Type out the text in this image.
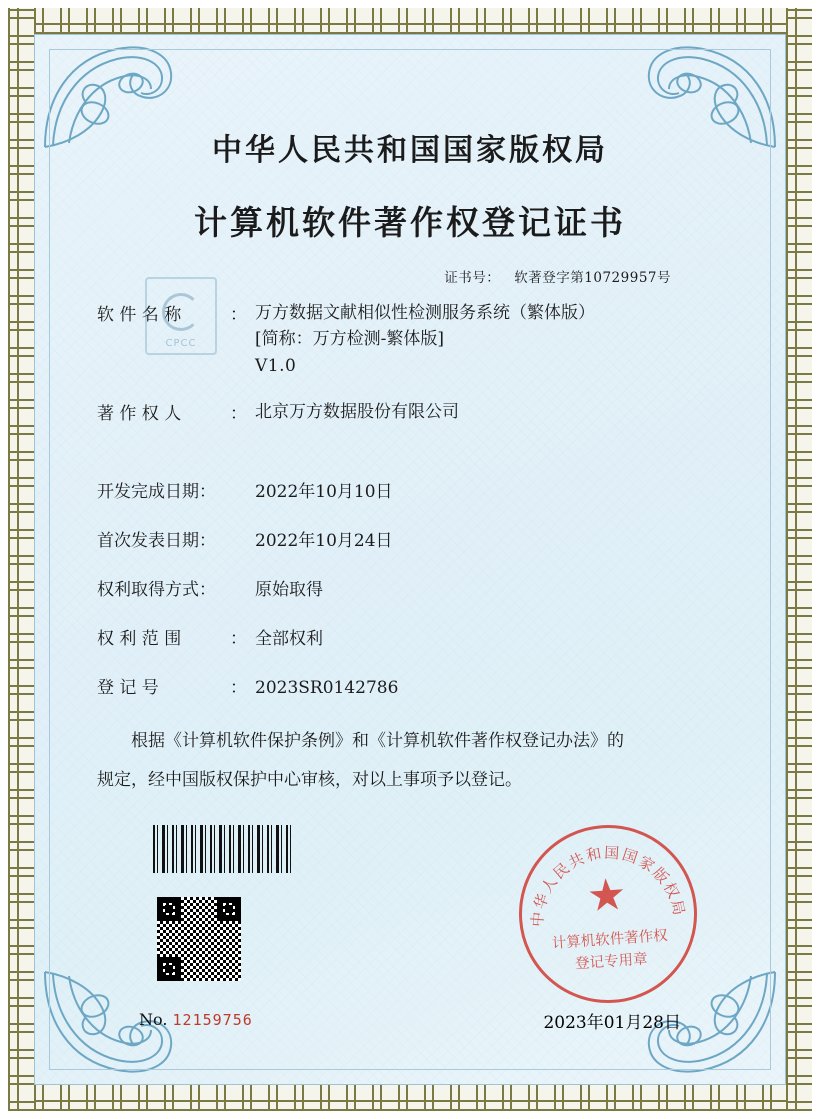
中华人民共和国国家版权局
计算机软件著作权登记证书
证书号： 软著登字第10729957号
CPCC
软 件 名 称	： 万方数据文献相似性检测服务系统（繁体版）
[简称：万方检测-繁体版]
V1.0
著 作 权 人	： 北京万方数据股份有限公司
开发完成日期：	2022年10月10日
首次发表日期：	2022年10月24日
权利取得方式：	原始取得
权 利 范 围	： 全部权利
登 记 号	： 2023SR0142786
根据《计算机软件保护条例》和《计算机软件著作权登记办法》的
规定，经中国版权保护中心审核，对以上事项予以登记。
No. 12159756	2023年01月28日
中华人民共和国国家版权局
★
计算机软件著作权
登记专用章
